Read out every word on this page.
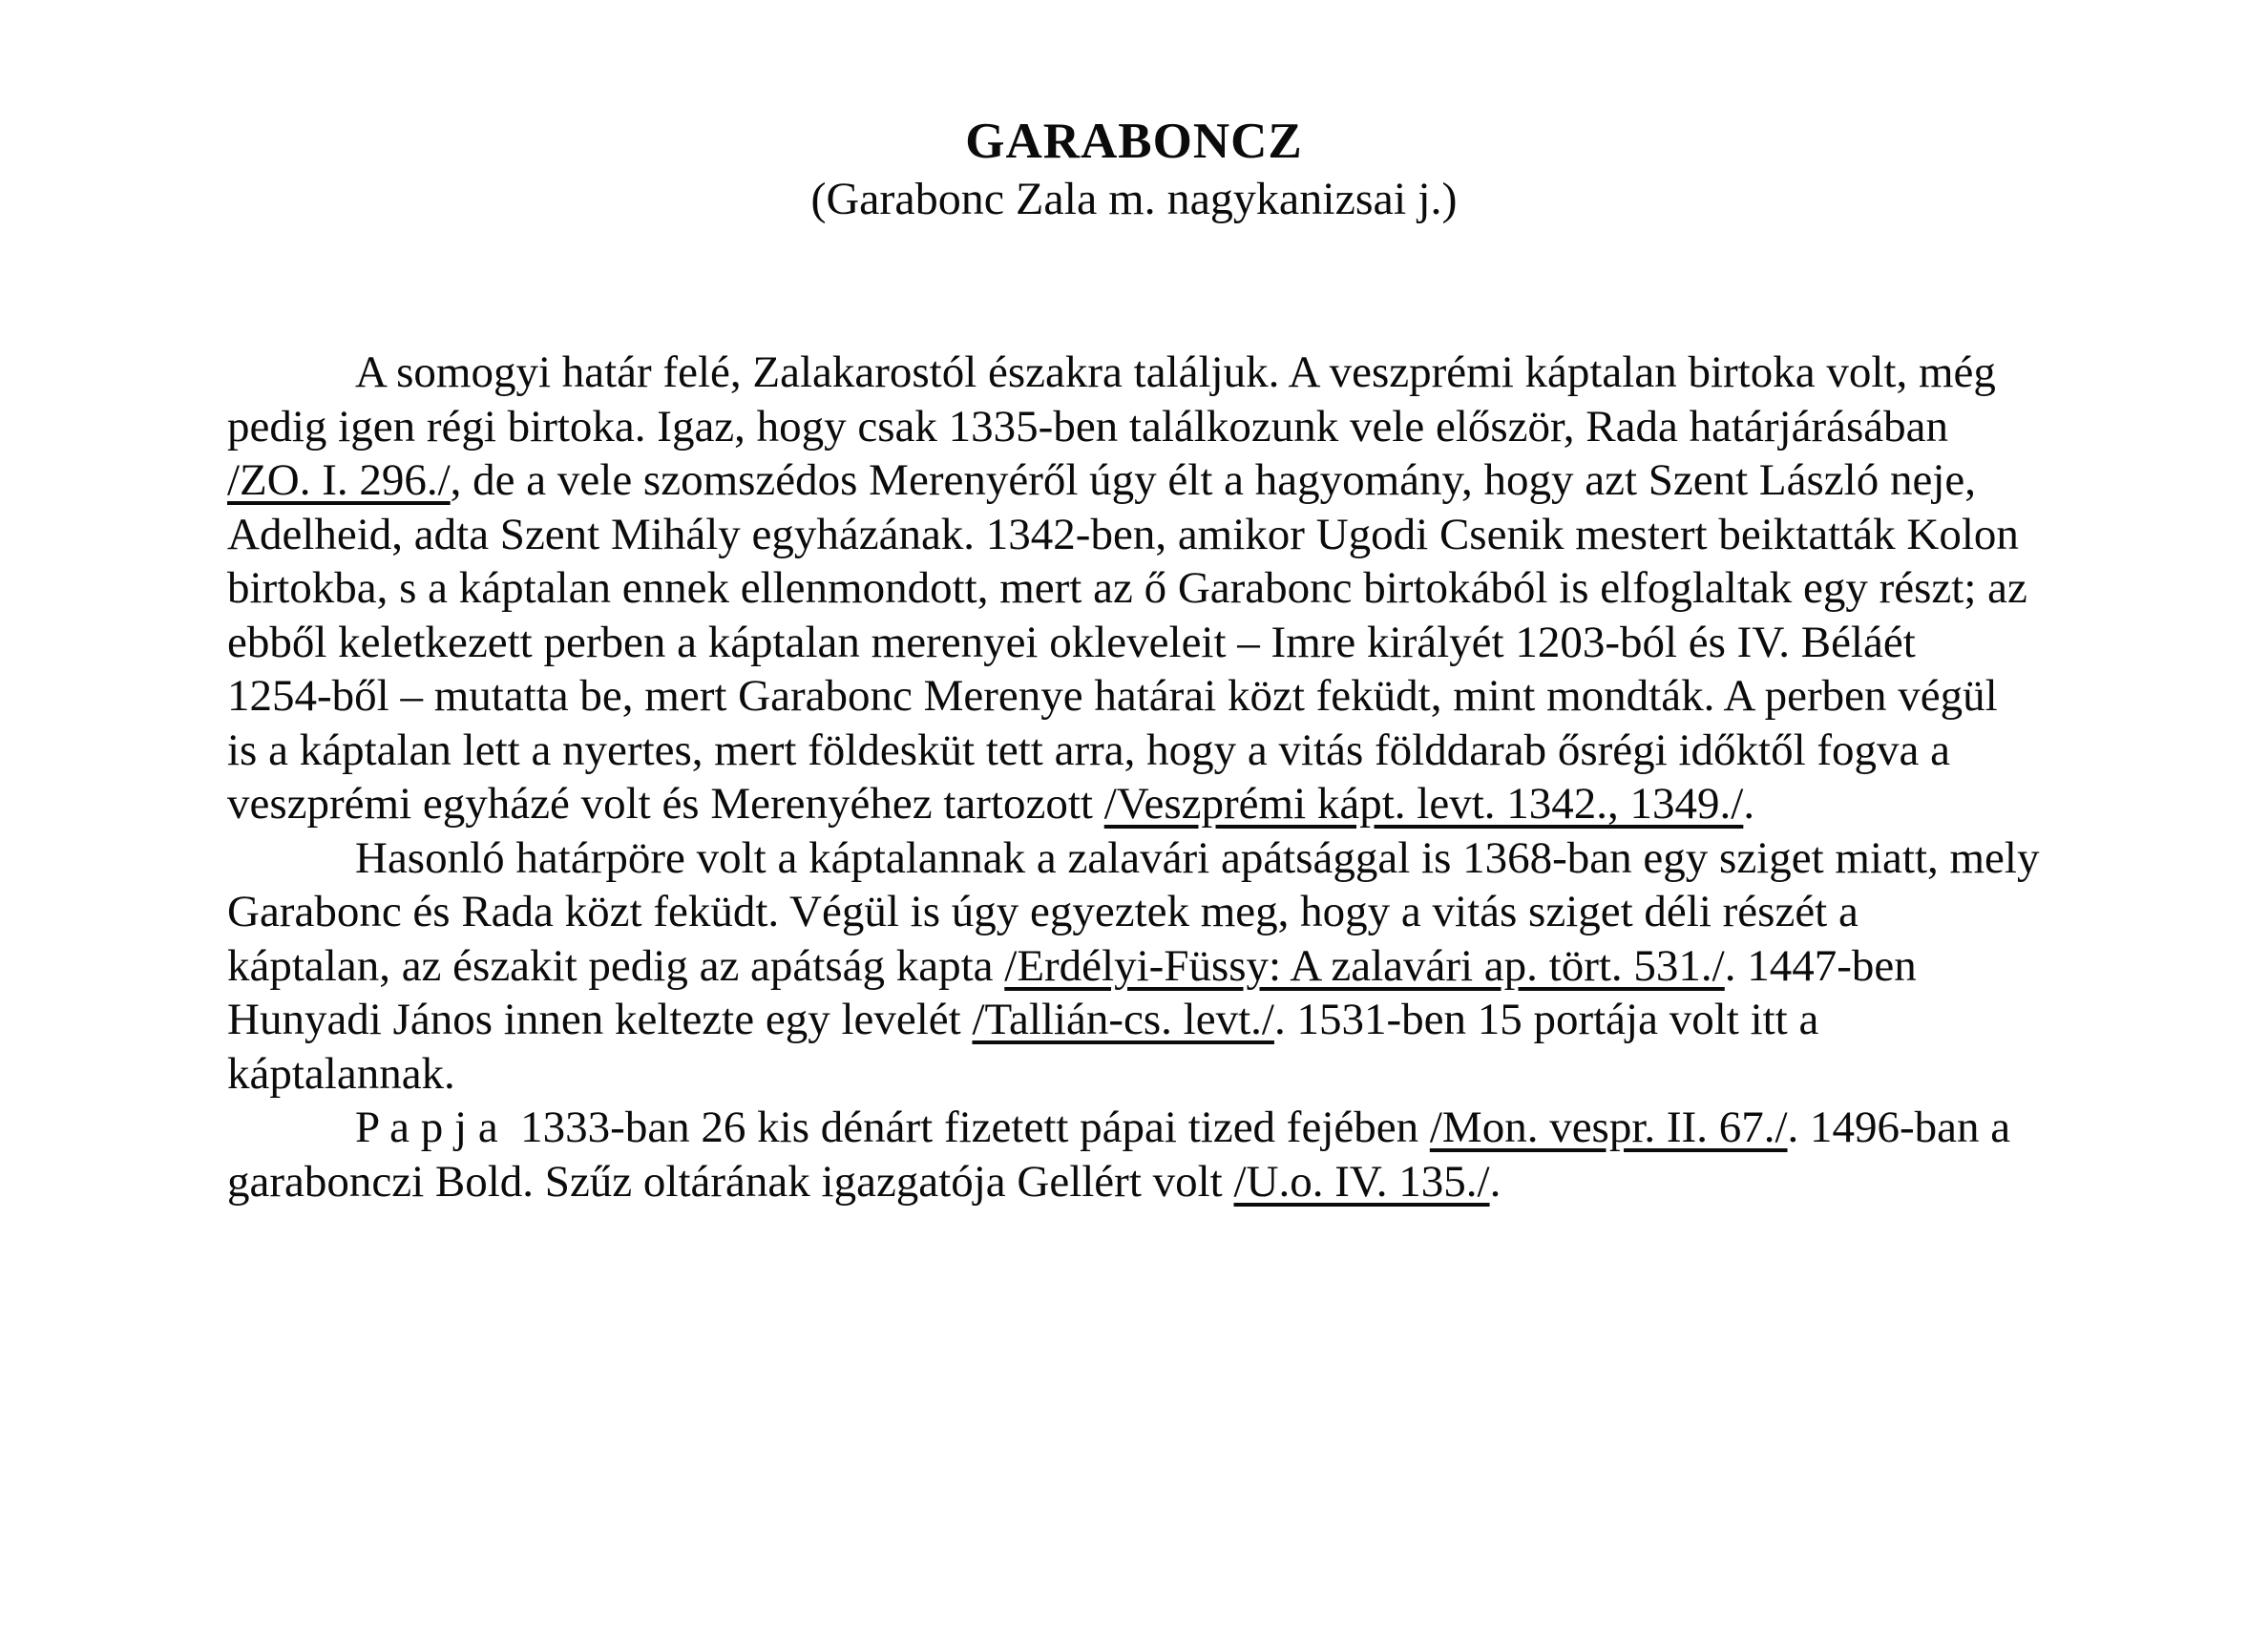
GARABONCZ
(Garabonc Zala m. nagykanizsai j.)
A somogyi határ felé, Zalakarostól északra találjuk. A veszprémi káptalan birtoka volt, még
pedig igen régi birtoka. Igaz, hogy csak 1335-ben találkozunk vele először, Rada határjárásában
/ZO. I. 296./, de a vele szomszédos Merenyéről úgy élt a hagyomány, hogy azt Szent László neje,
Adelheid, adta Szent Mihály egyházának. 1342-ben, amikor Ugodi Csenik mestert beiktatták Kolon
birtokba, s a káptalan ennek ellenmondott, mert az ő Garabonc birtokából is elfoglaltak egy részt; az
ebből keletkezett perben a káptalan merenyei okleveleit – Imre királyét 1203-ból és IV. Béláét
1254-ből – mutatta be, mert Garabonc Merenye határai közt feküdt, mint mondták. A perben végül
is a káptalan lett a nyertes, mert földesküt tett arra, hogy a vitás földdarab ősrégi időktől fogva a
veszprémi egyházé volt és Merenyéhez tartozott /Veszprémi kápt. levt. 1342., 1349./.
Hasonló határpöre volt a káptalannak a zalavári apátsággal is 1368-ban egy sziget miatt, mely
Garabonc és Rada közt feküdt. Végül is úgy egyeztek meg, hogy a vitás sziget déli részét a
káptalan, az északit pedig az apátság kapta /Erdélyi-Füssy: A zalavári ap. tört. 531./. 1447-ben
Hunyadi János innen keltezte egy levelét /Tallián-cs. levt./. 1531-ben 15 portája volt itt a
káptalannak.
P a p j a  1333-ban 26 kis dénárt fizetett pápai tized fejében /Mon. vespr. II. 67./. 1496-ban a
garabonczi Bold. Szűz oltárának igazgatója Gellért volt /U.o. IV. 135./.
